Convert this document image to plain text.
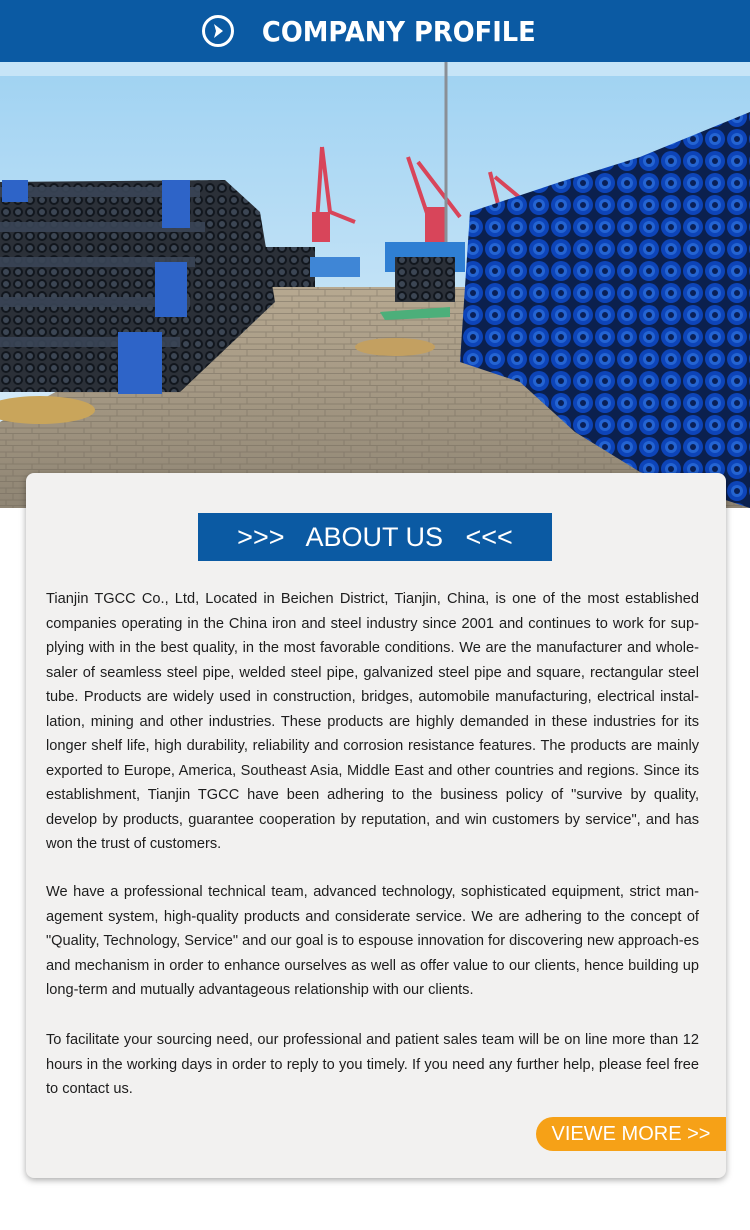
COMPANY PROFILE
>>>   ABOUT US   <<<
Tianjin TGCC Co., Ltd, Located in Beichen District, Tianjin, China, is one of the most established companies operating in the China iron and steel industry since 2001 and continues to work for sup-plying with in the best quality, in the most favorable conditions. We are the manufacturer and whole-saler of seamless steel pipe, welded steel pipe, galvanized steel pipe and square, rectangular steel tube. Products are widely used in construction, bridges, automobile manufacturing, electrical instal-lation, mining and other industries. These products are highly demanded in these industries for its longer shelf life, high durability, reliability and corrosion resistance features. The products are mainly exported to Europe, America, Southeast Asia, Middle East and other countries and regions. Since its establishment, Tianjin TGCC have been adhering to the business policy of "survive by quality, develop by products, guarantee cooperation by reputation, and win customers by service", and has won the trust of customers.
We have a professional technical team, advanced technology, sophisticated equipment, strict man-agement system, high-quality products and considerate service. We are adhering to the concept of "Quality, Technology, Service" and our goal is to espouse innovation for discovering new approach-es and mechanism in order to enhance ourselves as well as offer value to our clients, hence building up long-term and mutually advantageous relationship with our clients.
To facilitate your sourcing need, our professional and patient sales team will be on line more than 12 hours in the working days in order to reply to you timely. If you need any further help, please feel free to contact us.
VIEWE MORE >>
